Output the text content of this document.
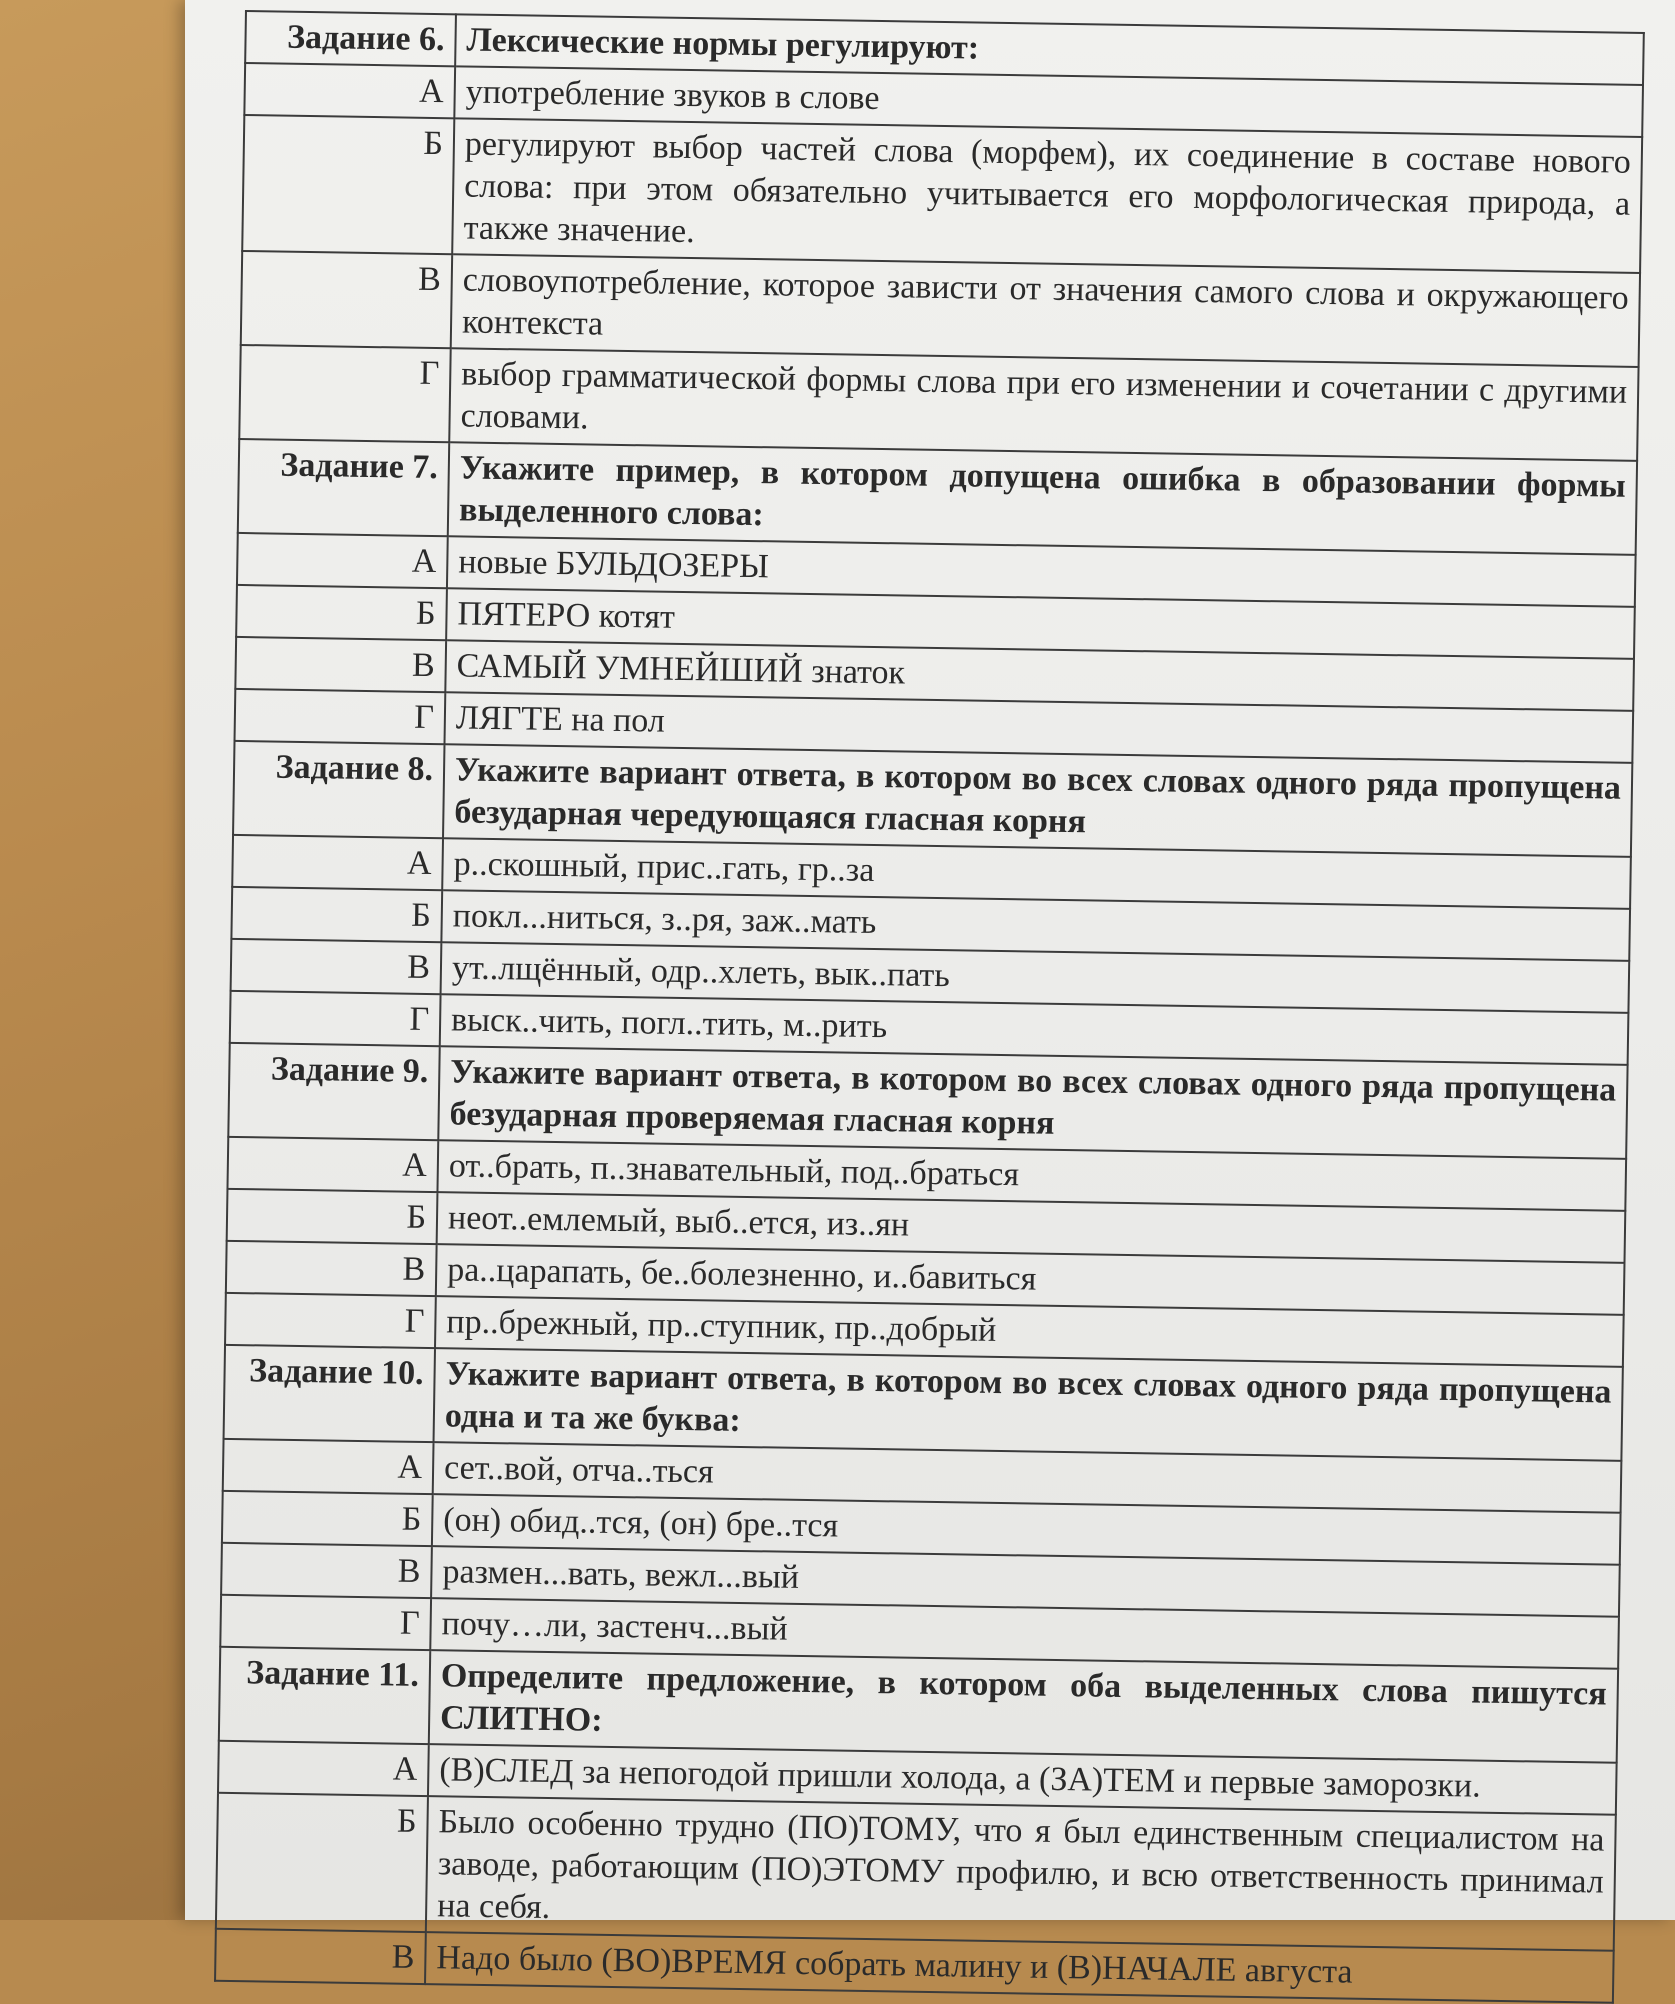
Задание 6.	Лексические нормы регулируют:
А	употребление звуков в слове
Б	регулируют выбор частей слова (морфем), их соединение в составе нового слова: при этом обязательно учитывается его морфологическая природа, а также значение.
В	словоупотребление, которое зависти от значения самого слова и окружающего контекста
Г	выбор грамматической формы слова при его изменении и сочетании с другими словами.
Задание 7.	Укажите пример, в котором допущена ошибка в образовании формы выделенного слова:
А	новые БУЛЬДОЗЕРЫ
Б	ПЯТЕРО котят
В	САМЫЙ УМНЕЙШИЙ знаток
Г	ЛЯГТЕ на пол
Задание 8.	Укажите вариант ответа, в котором во всех словах одного ряда пропущена безударная чередующаяся гласная корня
А	р..скошный, прис..гать, гр..за
Б	покл...ниться, з..ря, заж..мать
В	ут..лщённый, одр..хлеть, вык..пать
Г	выск..чить, погл..тить, м..рить
Задание 9.	Укажите вариант ответа, в котором во всех словах одного ряда пропущена безударная проверяемая гласная корня
А	от..брать, п..знавательный, под..браться
Б	неот..емлемый, выб..ется, из..ян
В	ра..царапать, бе..болезненно, и..бавиться
Г	пр..брежный, пр..ступник, пр..добрый
Задание 10.	Укажите вариант ответа, в котором во всех словах одного ряда пропущена одна и та же буква:
А	сет..вой, отча..ться
Б	(он) обид..тся, (он) бре..тся
В	размен...вать, вежл...вый
Г	почу…ли, застенч...вый
Задание 11.	Определите предложение, в котором оба выделенных слова пишутся СЛИТНО:
А	(В)СЛЕД за непогодой пришли холода, а (ЗА)ТЕМ и первые заморозки.
Б	Было особенно трудно (ПО)ТОМУ, что я был единственным специалистом на заводе, работающим (ПО)ЭТОМУ профилю, и всю ответственность принимал на себя.
В	Надо было (ВО)ВРЕМЯ собрать малину и (В)НАЧАЛЕ августа
